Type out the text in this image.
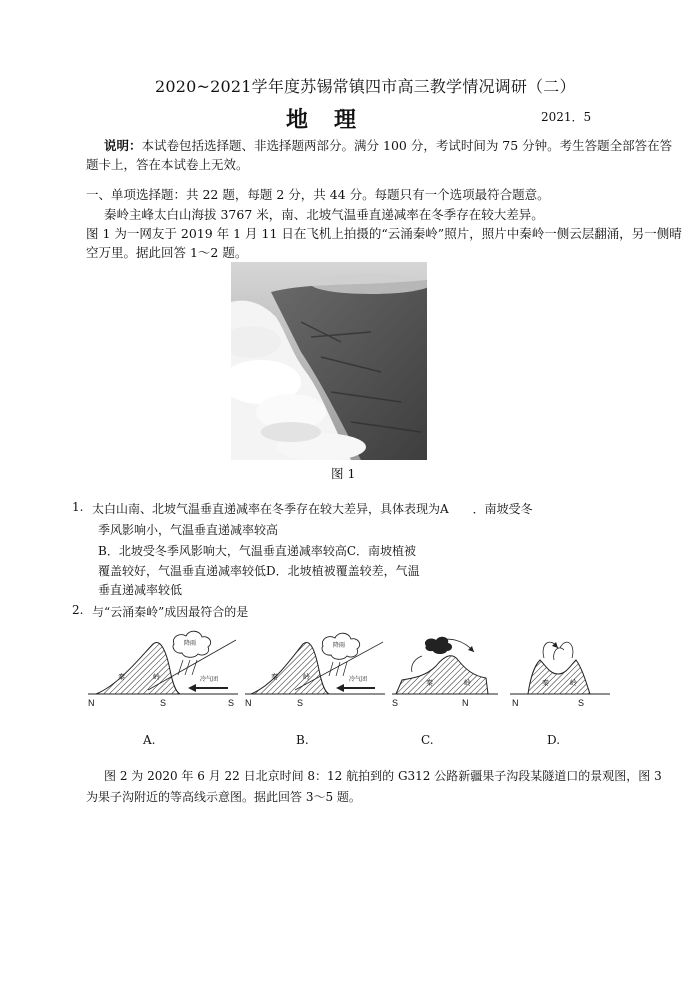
2020~2021学年度苏锡常镇四市高三教学情况调研（二）
地理	2021．5
说明：本试卷包括选择题、非选择题两部分。满分 100 分，考试时间为 75 分钟。考生答题全部答在答
题卡上，答在本试卷上无效。
一、单项选择题：共 22 题，每题 2 分，共 44 分。每题只有一个选项最符合题意。
秦岭主峰太白山海拔 3767 米，南、北坡气温垂直递减率在冬季存在较大差异。
图 1 为一网友于 2019 年 1 月 11 日在飞机上拍摄的“云涌秦岭”照片，照片中秦岭一侧云层翻涌，另一侧晴
空万里。据此回答 1～2 题。
图 1
1. 太白山南、北坡气温垂直递减率在冬季存在较大差异，具体表现为A　　．南坡受冬
季风影响小，气温垂直递减率较高
B．北坡受冬季风影响大，气温垂直递减率较高C．南坡植被
覆盖较好，气温垂直递减率较低D．北坡植被覆盖较差，气温
垂直递减率较低
2. 与“云涌秦岭”成因最符合的是
秦	岭
降雨
冷气团
N	S	S
秦	岭
降雨
冷气团
N	S
秦	岭
S	N
秦	岭
N	S
A.	B.	C.	D.
图 2 为 2020 年 6 月 22 日北京时间 8：12 航拍到的 G312 公路新疆果子沟段某隧道口的景观图，图 3
为果子沟附近的等高线示意图。据此回答 3～5 题。
